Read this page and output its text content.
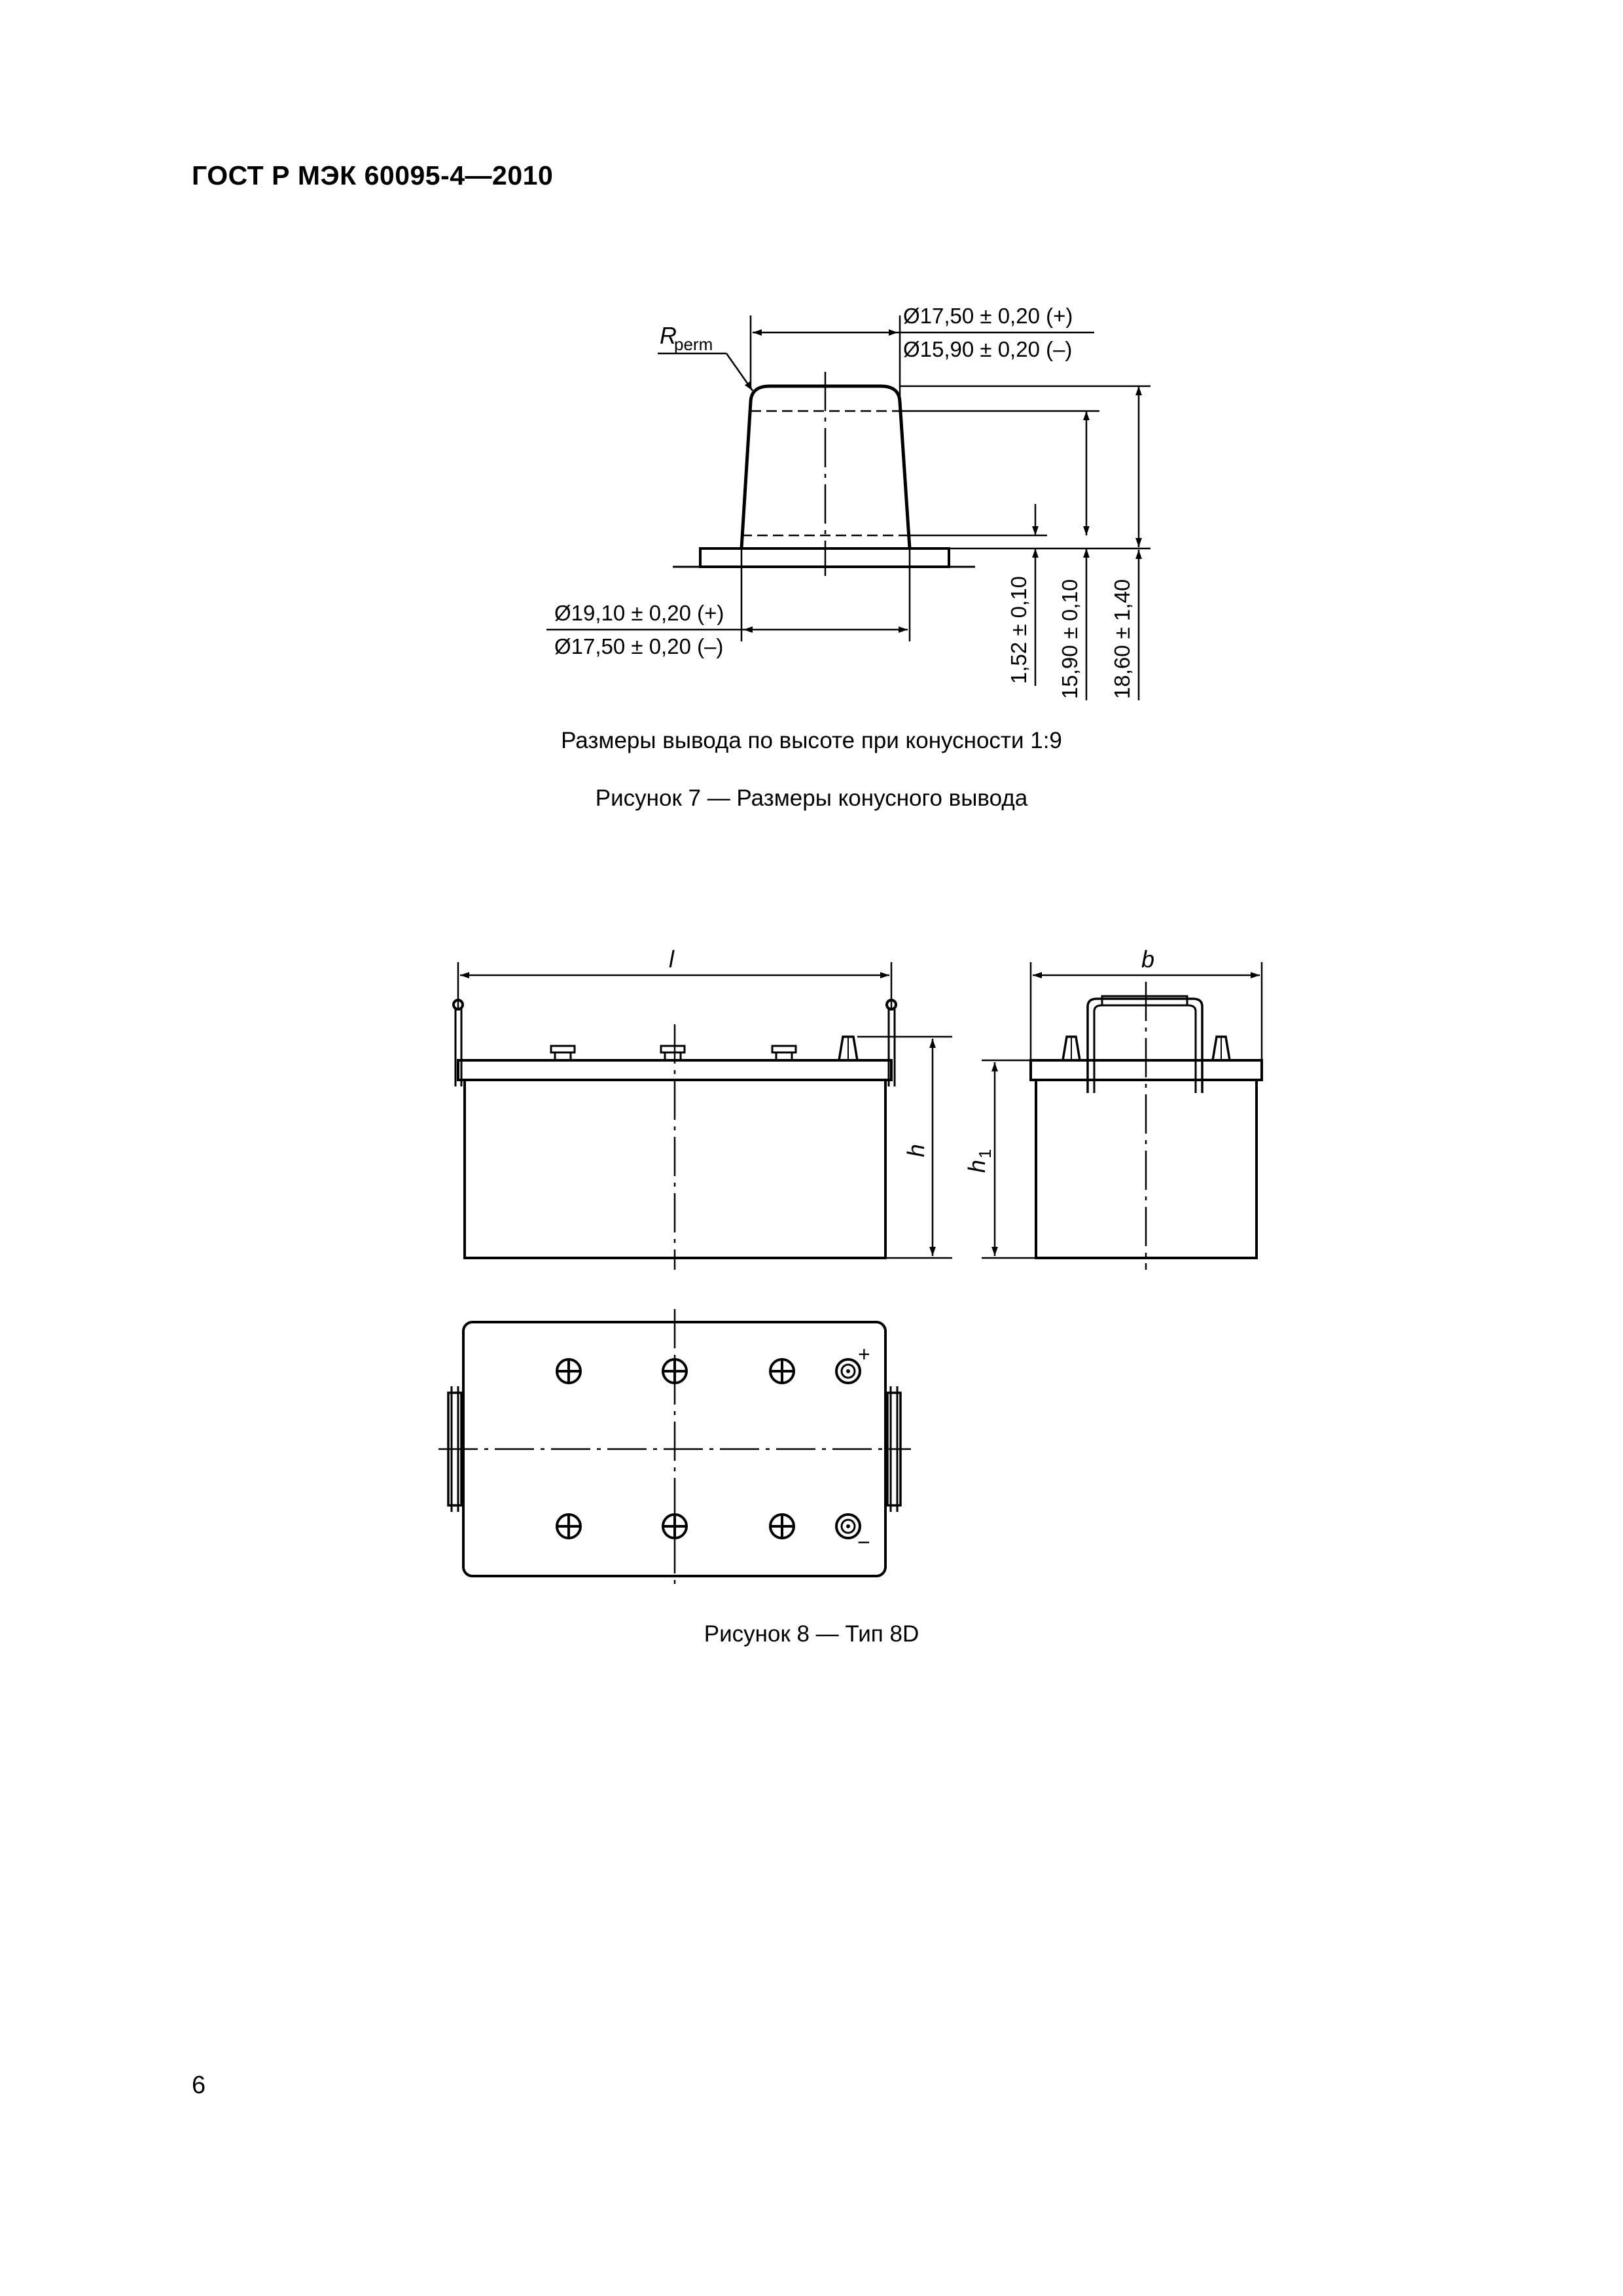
ГОСТ Р МЭК 60095-4—2010
R
perm
Ø17,50 ± 0,20 (+)
Ø15,90 ± 0,20 (–)
Ø19,10 ± 0,20 (+)
Ø17,50 ± 0,20 (–)	1,52 ± 0,10 15,90 ± 0,10 18,60 ± 1,40
Размеры вывода по высоте при конусности 1:9
Рисунок 7 — Размеры конусного вывода
l
h
b
h
1
+
−
Рисунок 8 — Тип 8D
6
